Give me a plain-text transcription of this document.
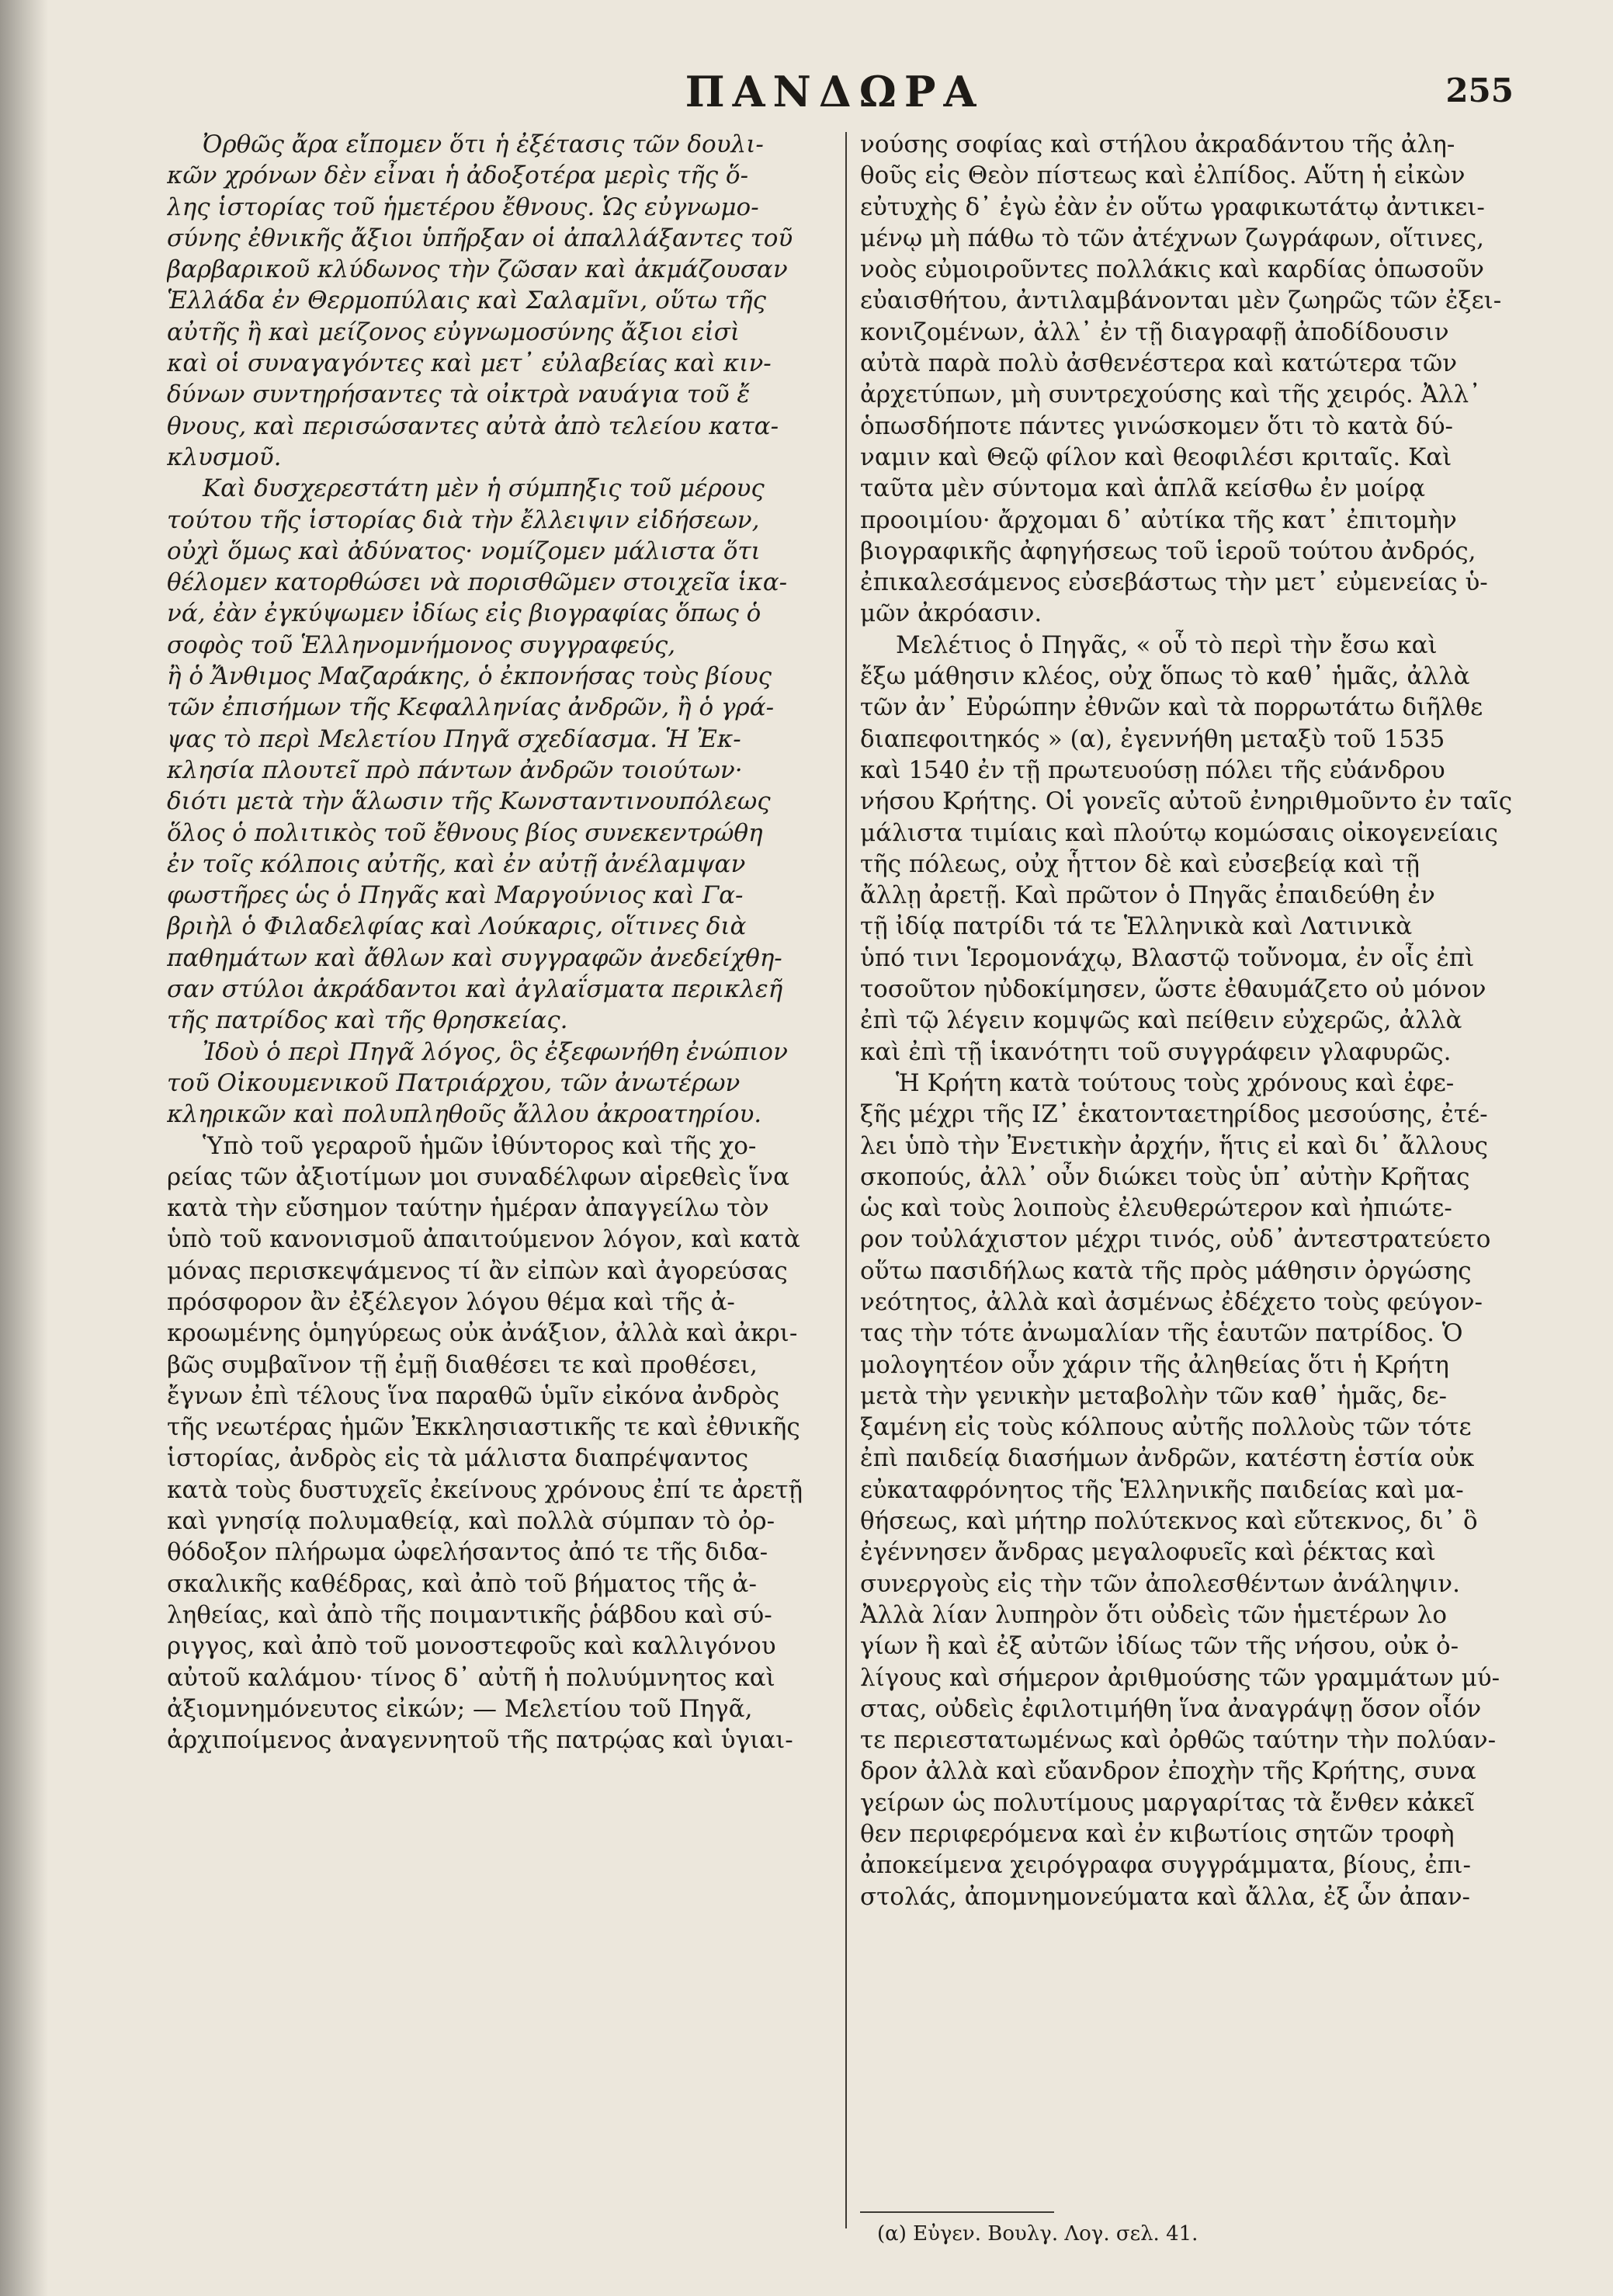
ΠΑΝΔΩΡΑ	255
Ὀρθῶς ἄρα εἴπομεν ὅτι ἡ ἐξέτασις τῶν δουλι-
κῶν χρόνων δὲν εἶναι ἡ ἀδοξοτέρα μερὶς τῆς ὅ-
λης ἱστορίας τοῦ ἡμετέρου ἔθνους. Ὡς εὐγνωμο-
σύνης ἐθνικῆς ἄξιοι ὑπῆρξαν οἱ ἀπαλλάξαντες τοῦ
βαρβαρικοῦ κλύδωνος τὴν ζῶσαν καὶ ἀκμάζουσαν
Ἑλλάδα ἐν Θερμοπύλαις καὶ Σαλαμῖνι, οὕτω τῆς
αὐτῆς ἢ καὶ μείζονος εὐγνωμοσύνης ἄξιοι εἰσὶ
καὶ οἱ συναγαγόντες καὶ μετ᾽ εὐλαβείας καὶ κιν-
δύνων συντηρήσαντες τὰ οἰκτρὰ ναυάγια τοῦ ἔ
θνους, καὶ περισώσαντες αὐτὰ ἀπὸ τελείου κατα-
κλυσμοῦ.
Καὶ δυσχερεστάτη μὲν ἡ σύμπηξις τοῦ μέρους
τούτου τῆς ἱστορίας διὰ τὴν ἔλλειψιν εἰδήσεων,
οὐχὶ ὅμως καὶ ἀδύνατος· νομίζομεν μάλιστα ὅτι
θέλομεν κατορθώσει νὰ πορισθῶμεν στοιχεῖα ἱκα-
νά, ἐὰν ἐγκύψωμεν ἰδίως εἰς βιογραφίας ὅπως ὁ
σοφὸς τοῦ Ἑλληνομνήμονος συγγραφεύς,
ἢ ὁ Ἄνθιμος Μαζαράκης, ὁ ἐκπονήσας τοὺς βίους
τῶν ἐπισήμων τῆς Κεφαλληνίας ἀνδρῶν, ἢ ὁ γρά-
ψας τὸ περὶ Μελετίου Πηγᾶ σχεδίασμα. Ἡ Ἐκ-
κλησία πλουτεῖ πρὸ πάντων ἀνδρῶν τοιούτων·
διότι μετὰ τὴν ἅλωσιν τῆς Κωνσταντινουπόλεως
ὅλος ὁ πολιτικὸς τοῦ ἔθνους βίος συνεκεντρώθη
ἐν τοῖς κόλποις αὐτῆς, καὶ ἐν αὐτῇ ἀνέλαμψαν
φωστῆρες ὡς ὁ Πηγᾶς καὶ Μαργούνιος καὶ Γα-
βριὴλ ὁ Φιλαδελφίας καὶ Λούκαρις, οἵτινες διὰ
παθημάτων καὶ ἄθλων καὶ συγγραφῶν ἀνεδείχθη-
σαν στύλοι ἀκράδαντοι καὶ ἀγλαΐσματα περικλεῆ
τῆς πατρίδος καὶ τῆς θρησκείας.
Ἰδοὺ ὁ περὶ Πηγᾶ λόγος, ὃς ἐξεφωνήθη ἐνώπιον
τοῦ Οἰκουμενικοῦ Πατριάρχου, τῶν ἀνωτέρων
κληρικῶν καὶ πολυπληθοῦς ἄλλου ἀκροατηρίου.
Ὑπὸ τοῦ γεραροῦ ἡμῶν ἰθύντορος καὶ τῆς χο-
ρείας τῶν ἀξιοτίμων μοι συναδέλφων αἱρεθεὶς ἵνα
κατὰ τὴν εὔσημον ταύτην ἡμέραν ἀπαγγείλω τὸν
ὑπὸ τοῦ κανονισμοῦ ἀπαιτούμενον λόγον, καὶ κατὰ
μόνας περισκεψάμενος τί ἂν εἰπὼν καὶ ἀγορεύσας
πρόσφορον ἂν ἐξέλεγον λόγου θέμα καὶ τῆς ἀ-
κροωμένης ὁμηγύρεως οὐκ ἀνάξιον, ἀλλὰ καὶ ἀκρι-
βῶς συμβαῖνον τῇ ἐμῇ διαθέσει τε καὶ προθέσει,
ἔγνων ἐπὶ τέλους ἵνα παραθῶ ὑμῖν εἰκόνα ἀνδρὸς
τῆς νεωτέρας ἡμῶν Ἐκκλησιαστικῆς τε καὶ ἐθνικῆς
ἱστορίας, ἀνδρὸς εἰς τὰ μάλιστα διαπρέψαντος
κατὰ τοὺς δυστυχεῖς ἐκείνους χρόνους ἐπί τε ἀρετῇ
καὶ γνησίᾳ πολυμαθείᾳ, καὶ πολλὰ σύμπαν τὸ ὀρ-
θόδοξον πλήρωμα ὠφελήσαντος ἀπό τε τῆς διδα-
σκαλικῆς καθέδρας, καὶ ἀπὸ τοῦ βήματος τῆς ἀ-
ληθείας, καὶ ἀπὸ τῆς ποιμαντικῆς ῥάβδου καὶ σύ-
ριγγος, καὶ ἀπὸ τοῦ μονοστεφοῦς καὶ καλλιγόνου
αὐτοῦ καλάμου· τίνος δ᾽ αὐτῆ ἡ πολυύμνητος καὶ
ἀξιομνημόνευτος εἰκών; — Μελετίου τοῦ Πηγᾶ,
ἀρχιποίμενος ἀναγεννητοῦ τῆς πατρῴας καὶ ὑγιαι-
νούσης σοφίας καὶ στήλου ἀκραδάντου τῆς ἀλη-
θοῦς εἰς Θεὸν πίστεως καὶ ἐλπίδος. Αὕτη ἡ εἰκὼν
εὐτυχὴς δ᾽ ἐγὼ ἐὰν ἐν οὕτω γραφικωτάτῳ ἀντικει-
μένῳ μὴ πάθω τὸ τῶν ἀτέχνων ζωγράφων, οἵτινες,
νοὸς εὐμοιροῦντες πολλάκις καὶ καρδίας ὁπωσοῦν
εὐαισθήτου, ἀντιλαμβάνονται μὲν ζωηρῶς τῶν ἐξει-
κονιζομένων, ἀλλ᾽ ἐν τῇ διαγραφῇ ἀποδίδουσιν
αὐτὰ παρὰ πολὺ ἀσθενέστερα καὶ κατώτερα τῶν
ἀρχετύπων, μὴ συντρεχούσης καὶ τῆς χειρός. Ἀλλ᾽
ὁπωσδήποτε πάντες γινώσκομεν ὅτι τὸ κατὰ δύ-
ναμιν καὶ Θεῷ φίλον καὶ θεοφιλέσι κριταῖς. Καὶ
ταῦτα μὲν σύντομα καὶ ἁπλᾶ κείσθω ἐν μοίρᾳ
προοιμίου· ἄρχομαι δ᾽ αὐτίκα τῆς κατ᾽ ἐπιτομὴν
βιογραφικῆς ἀφηγήσεως τοῦ ἱεροῦ τούτου ἀνδρός,
ἐπικαλεσάμενος εὐσεβάστως τὴν μετ᾽ εὐμενείας ὑ-
μῶν ἀκρόασιν.
Μελέτιος ὁ Πηγᾶς, « οὗ τὸ περὶ τὴν ἔσω καὶ
ἔξω μάθησιν κλέος, οὐχ ὅπως τὸ καθ᾽ ἡμᾶς, ἀλλὰ
τῶν ἀν᾽ Εὐρώπην ἐθνῶν καὶ τὰ πορρωτάτω διῆλθε
διαπεφοιτηκός » (α), ἐγεννήθη μεταξὺ τοῦ 1535
καὶ 1540 ἐν τῇ πρωτευούσῃ πόλει τῆς εὐάνδρου
νήσου Κρήτης. Οἱ γονεῖς αὐτοῦ ἐνηριθμοῦντο ἐν ταῖς
μάλιστα τιμίαις καὶ πλούτῳ κομώσαις οἰκογενείαις
τῆς πόλεως, οὐχ ἧττον δὲ καὶ εὐσεβείᾳ καὶ τῇ
ἄλλῃ ἀρετῇ. Καὶ πρῶτον ὁ Πηγᾶς ἐπαιδεύθη ἐν
τῇ ἰδίᾳ πατρίδι τά τε Ἑλληνικὰ καὶ Λατινικὰ
ὑπό τινι Ἱερομονάχῳ, Βλαστῷ τοὔνομα, ἐν οἷς ἐπὶ
τοσοῦτον ηὐδοκίμησεν, ὥστε ἐθαυμάζετο οὐ μόνον
ἐπὶ τῷ λέγειν κομψῶς καὶ πείθειν εὐχερῶς, ἀλλὰ
καὶ ἐπὶ τῇ ἱκανότητι τοῦ συγγράφειν γλαφυρῶς.
Ἡ Κρήτη κατὰ τούτους τοὺς χρόνους καὶ ἐφε-
ξῆς μέχρι τῆς ΙΖ᾽ ἑκατονταετηρίδος μεσούσης, ἐτέ-
λει ὑπὸ τὴν Ἐνετικὴν ἀρχήν, ἥτις εἰ καὶ δι᾽ ἄλλους
σκοπούς, ἀλλ᾽ οὖν διώκει τοὺς ὑπ᾽ αὐτὴν Κρῆτας
ὡς καὶ τοὺς λοιποὺς ἐλευθερώτερον καὶ ἠπιώτε-
ρον τοὐλάχιστον μέχρι τινός, οὐδ᾽ ἀντεστρατεύετο
οὕτω πασιδήλως κατὰ τῆς πρὸς μάθησιν ὀργώσης
νεότητος, ἀλλὰ καὶ ἀσμένως ἐδέχετο τοὺς φεύγον-
τας τὴν τότε ἀνωμαλίαν τῆς ἑαυτῶν πατρίδος. Ὁ
μολογητέον οὖν χάριν τῆς ἀληθείας ὅτι ἡ Κρήτη
μετὰ τὴν γενικὴν μεταβολὴν τῶν καθ᾽ ἡμᾶς, δε-
ξαμένη εἰς τοὺς κόλπους αὐτῆς πολλοὺς τῶν τότε
ἐπὶ παιδείᾳ διασήμων ἀνδρῶν, κατέστη ἑστία οὐκ
εὐκαταφρόνητος τῆς Ἑλληνικῆς παιδείας καὶ μα-
θήσεως, καὶ μήτηρ πολύτεκνος καὶ εὔτεκνος, δι᾽ ὃ
ἐγέννησεν ἄνδρας μεγαλοφυεῖς καὶ ῥέκτας καὶ
συνεργοὺς εἰς τὴν τῶν ἀπολεσθέντων ἀνάληψιν.
Ἀλλὰ λίαν λυπηρὸν ὅτι οὐδεὶς τῶν ἡμετέρων λο
γίων ἢ καὶ ἐξ αὐτῶν ἰδίως τῶν τῆς νήσου, οὐκ ὀ-
λίγους καὶ σήμερον ἀριθμούσης τῶν γραμμάτων μύ-
στας, οὐδεὶς ἐφιλοτιμήθη ἵνα ἀναγράψῃ ὅσον οἷόν
τε περιεστατωμένως καὶ ὀρθῶς ταύτην τὴν πολύαν-
δρον ἀλλὰ καὶ εὔανδρον ἐποχὴν τῆς Κρήτης, συνα
γείρων ὡς πολυτίμους μαργαρίτας τὰ ἔνθεν κἀκεῖ
θεν περιφερόμενα καὶ ἐν κιβωτίοις σητῶν τροφὴ
ἀποκείμενα χειρόγραφα συγγράμματα, βίους, ἐπι-
στολάς, ἀπομνημονεύματα καὶ ἄλλα, ἐξ ὧν ἀπαν-
(α) Εὐγεν. Βουλγ. Λογ. σελ. 41.
